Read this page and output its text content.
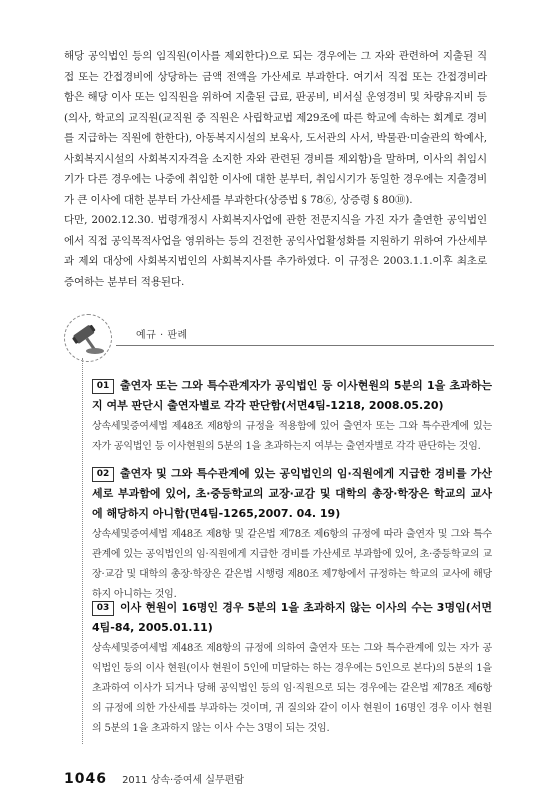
해당 공익법인 등의 임직원(이사를 제외한다)으로 되는 경우에는 그 자와 관련하여 지출된 직접 또는 간접경비에 상당하는 금액 전액을 가산세로 부과한다. 여기서 직접 또는 간접경비라 함은 해당 이사 또는 임직원을 위하여 지출된 급료, 판공비, 비서실 운영경비 및 차량유지비 등(의사, 학교의 교직원(교직원 중 직원은 사립학교법 제29조에 따른 학교에 속하는 회계로 경비를 지급하는 직원에 한한다), 아동복지시설의 보육사, 도서관의 사서, 박물관·미술관의 학예사, 사회복지시설의 사회복지자격을 소지한 자와 관련된 경비를 제외함)을 말하며, 이사의 취임시기가 다른 경우에는 나중에 취임한 이사에 대한 분부터, 취임시기가 동일한 경우에는 지출경비가 큰 이사에 대한 분부터 가산세를 부과한다(상증법 § 78⑥, 상증령 § 80⑩).

다만, 2002.12.30. 법령개정시 사회복지사업에 관한 전문지식을 가진 자가 출연한 공익법인에서 직접 공익목적사업을 영위하는 등의 건전한 공익사업활성화를 지원하기 위하여 가산세부과 제외 대상에 사회복지법인의 사회복지사를 추가하였다. 이 규정은 2003.1.1.이후 최초로 증여하는 분부터 적용된다.

예규 · 판례
01 출연자 또는 그와 특수관계자가 공익법인 등 이사현원의 5분의 1을 초과하는지 여부 판단시 출연자별로 각각 판단함(서면4팀-1218, 2008.05.20)
상속세및증여세법 제48조 제8항의 규정을 적용함에 있어 출연자 또는 그와 특수관계에 있는 자가 공익법인 등 이사현원의 5분의 1을 초과하는지 여부는 출연자별로 각각 판단하는 것임.
02 출연자 및 그와 특수관계에 있는 공익법인의 임·직원에게 지급한 경비를 가산세로 부과함에 있어, 초·중등학교의 교장·교감 및 대학의 총장·학장은 학교의 교사에 해당하지 아니함(면4팀-1265,2007. 04. 19)
상속세및증여세법 제48조 제8항 및 같은법 제78조 제6항의 규정에 따라 출연자 및 그와 특수관계에 있는 공익법인의 임·직원에게 지급한 경비를 가산세로 부과함에 있어, 초·중등학교의 교장·교감 및 대학의 총장·학장은 같은법 시행령 제80조 제7항에서 규정하는 학교의 교사에 해당하지 아니하는 것임.
03 이사 현원이 16명인 경우 5분의 1을 초과하지 않는 이사의 수는 3명임(서면4팀-84, 2005.01.11)
상속세및증여세법 제48조 제8항의 규정에 의하여 출연자 또는 그와 특수관계에 있는 자가 공익법인 등의 이사 현원(이사 현원이 5인에 미달하는 하는 경우에는 5인으로 본다)의 5분의 1을 초과하여 이사가 되거나 당해 공익법인 등의 임·직원으로 되는 경우에는 같은법 제78조 제6항의 규정에 의한 가산세를 부과하는 것이며, 귀 질의와 같이 이사 현원이 16명인 경우 이사 현원의 5분의 1을 초과하지 않는 이사 수는 3명이 되는 것임.
1046 2011 상속·증여세 실무편람
